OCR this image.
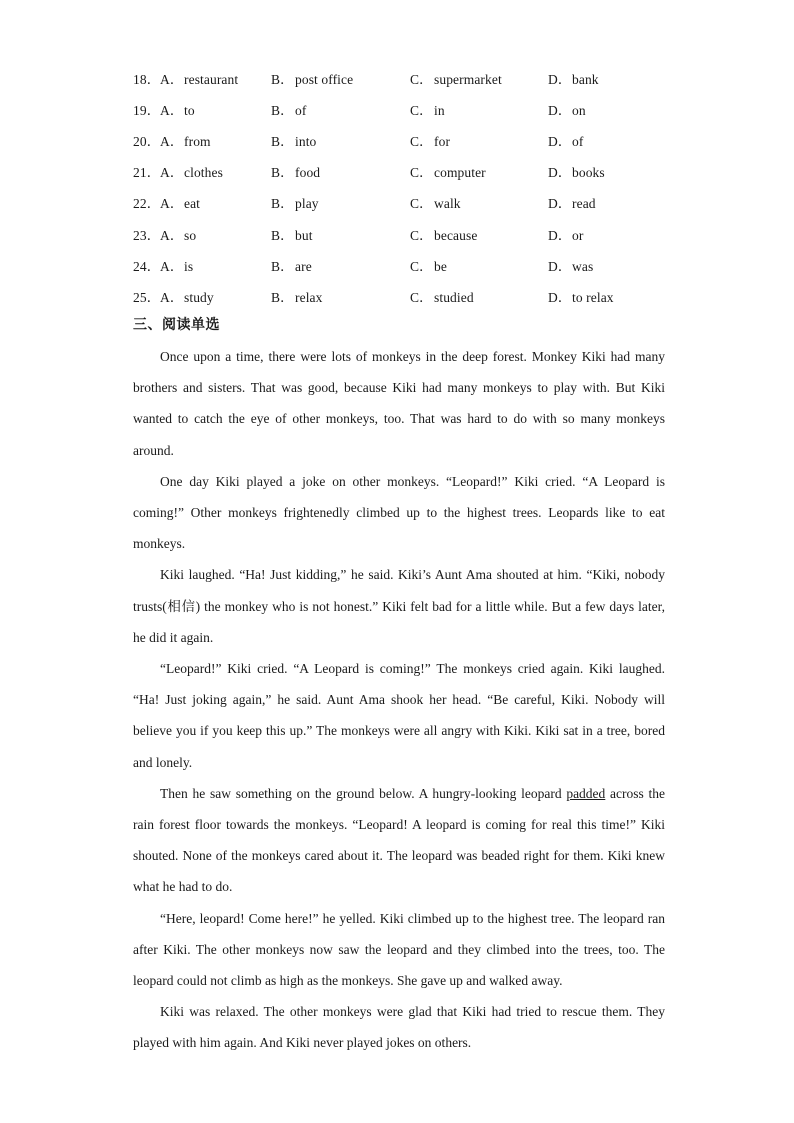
18． A．restaurant	B．post office	C．supermarket	D．bank
19． A．to	B．of	C．in	D．on
20． A．from	B．into	C．for	D．of
21． A．clothes	B．food	C．computer	D．books
22． A．eat	B．play	C．walk	D．read
23． A．so	B．but	C．because	D．or
24． A．is	B．are	C．be	D．was
25． A．study	B．relax	C．studied	D．to relax
三、阅读单选

Once upon a time, there were lots of monkeys in the deep forest. Monkey Kiki had many brothers and sisters. That was good, because Kiki had many monkeys to play with. But Kiki wanted to catch the eye of other monkeys, too. That was hard to do with so many monkeys around.

One day Kiki played a joke on other monkeys. “Leopard!” Kiki cried. “A Leopard is coming!” Other monkeys frightenedly climbed up to the highest trees. Leopards like to eat monkeys.

Kiki laughed. “Ha! Just kidding,” he said. Kiki’s Aunt Ama shouted at him. “Kiki, nobody trusts(相信) the monkey who is not honest.” Kiki felt bad for a little while. But a few days later, he did it again.

“Leopard!” Kiki cried. “A Leopard is coming!” The monkeys cried again. Kiki laughed. “Ha! Just joking again,” he said. Aunt Ama shook her head. “Be careful, Kiki. Nobody will believe you if you keep this up.” The monkeys were all angry with Kiki. Kiki sat in a tree, bored and lonely.

Then he saw something on the ground below. A hungry-looking leopard padded across the rain forest floor towards the monkeys. “Leopard! A leopard is coming for real this time!” Kiki shouted. None of the monkeys cared about it. The leopard was beaded right for them. Kiki knew what he had to do.

“Here, leopard! Come here!” he yelled. Kiki climbed up to the highest tree. The leopard ran after Kiki. The other monkeys now saw the leopard and they climbed into the trees, too. The leopard could not climb as high as the monkeys. She gave up and walked away.

Kiki was relaxed. The other monkeys were glad that Kiki had tried to rescue them. They played with him again. And Kiki never played jokes on others.
